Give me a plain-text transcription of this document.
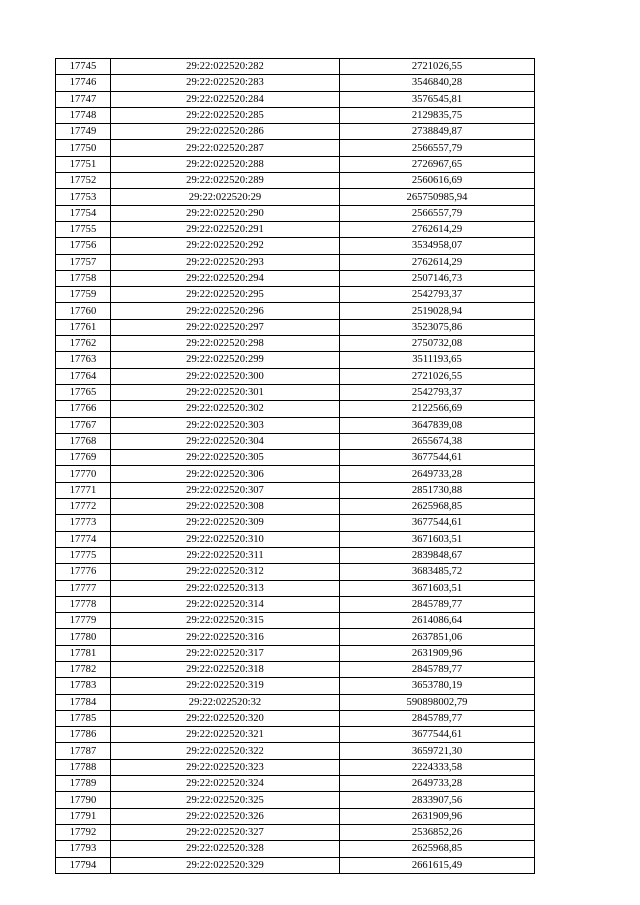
17745	29:22:022520:282	2721026,55
17746	29:22:022520:283	3546840,28
17747	29:22:022520:284	3576545,81
17748	29:22:022520:285	2129835,75
17749	29:22:022520:286	2738849,87
17750	29:22:022520:287	2566557,79
17751	29:22:022520:288	2726967,65
17752	29:22:022520:289	2560616,69
17753	29:22:022520:29	265750985,94
17754	29:22:022520:290	2566557,79
17755	29:22:022520:291	2762614,29
17756	29:22:022520:292	3534958,07
17757	29:22:022520:293	2762614,29
17758	29:22:022520:294	2507146,73
17759	29:22:022520:295	2542793,37
17760	29:22:022520:296	2519028,94
17761	29:22:022520:297	3523075,86
17762	29:22:022520:298	2750732,08
17763	29:22:022520:299	3511193,65
17764	29:22:022520:300	2721026,55
17765	29:22:022520:301	2542793,37
17766	29:22:022520:302	2122566,69
17767	29:22:022520:303	3647839,08
17768	29:22:022520:304	2655674,38
17769	29:22:022520:305	3677544,61
17770	29:22:022520:306	2649733,28
17771	29:22:022520:307	2851730,88
17772	29:22:022520:308	2625968,85
17773	29:22:022520:309	3677544,61
17774	29:22:022520:310	3671603,51
17775	29:22:022520:311	2839848,67
17776	29:22:022520:312	3683485,72
17777	29:22:022520:313	3671603,51
17778	29:22:022520:314	2845789,77
17779	29:22:022520:315	2614086,64
17780	29:22:022520:316	2637851,06
17781	29:22:022520:317	2631909,96
17782	29:22:022520:318	2845789,77
17783	29:22:022520:319	3653780,19
17784	29:22:022520:32	590898002,79
17785	29:22:022520:320	2845789,77
17786	29:22:022520:321	3677544,61
17787	29:22:022520:322	3659721,30
17788	29:22:022520:323	2224333,58
17789	29:22:022520:324	2649733,28
17790	29:22:022520:325	2833907,56
17791	29:22:022520:326	2631909,96
17792	29:22:022520:327	2536852,26
17793	29:22:022520:328	2625968,85
17794	29:22:022520:329	2661615,49
